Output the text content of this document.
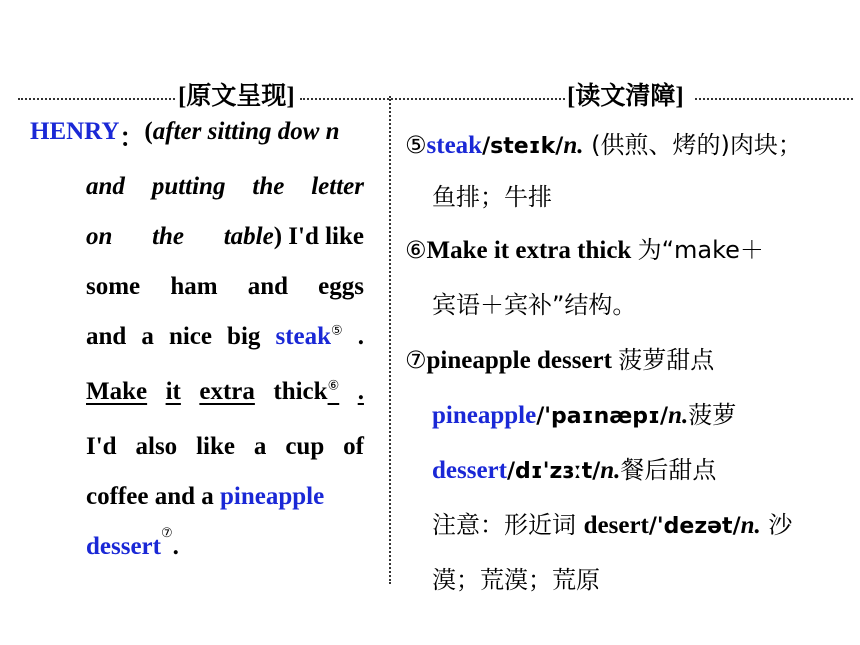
[原文呈现]	[读文清障]
HENRY ： ( after sitting dow n
and putting the letter
on the table) I'd like
some ham and eggs
and a nice big steak⑤ .
Make it extra thick⑥ .
I'd also like a cup of
coffee and a pineapple
dessert
⑦
.
⑤steak/steɪk/n. (供煎、烤的)肉块；
鱼排；牛排
⑥Make it extra thick 为“make＋
宾语＋宾补”结构。
⑦pineapple dessert 菠萝甜点
pineapple/'paɪnæpɪ/n.菠萝
dessert/dɪ'zɜːt/n.餐后甜点
注意：形近词 desert/'dezət/n. 沙
漠；荒漠；荒原
